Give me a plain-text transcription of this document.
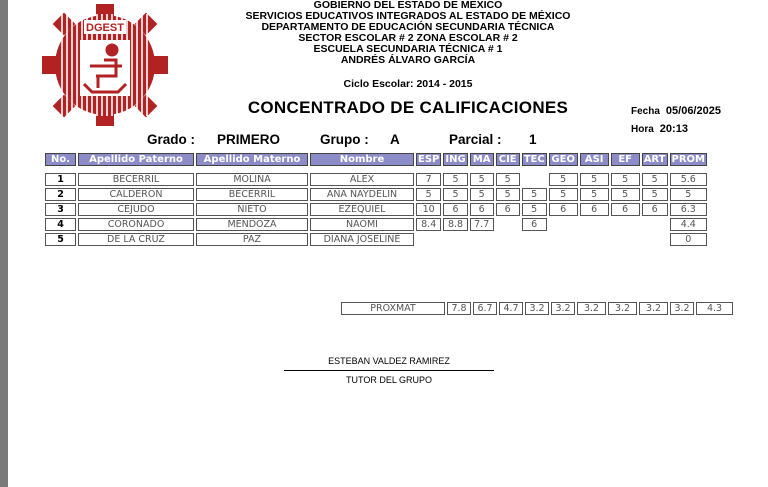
DGEST
GOBIERNO DEL ESTADO DE MEXICO
SERVICIOS EDUCATIVOS INTEGRADOS AL ESTADO DE MÉXICO
DEPARTAMENTO DE EDUCACIÓN SECUNDARIA TÉCNICA
SECTOR ESCOLAR # 2 ZONA ESCOLAR # 2
ESCUELA SECUNDARIA TÉCNICA # 1
ANDRÉS ÁLVARO GARCÍA
Ciclo Escolar: 2014 - 2015
CONCENTRADO DE CALIFICACIONES	Fecha 05/06/2025
Hora 20:13
Grado : PRIMERO	Grupo : A	Parcial : 1
No.	Apellido Paterno	Apellido Materno	Nombre	ESP	ING	MA	CIE	TEC	GEO	ASI	EF	ART	PROM

1	BECERRIL	MOLINA	ALEX	7	5	5	5		5	5	5	5	5.6
2	CALDERON	BECERRIL	ANA NAYDELIN	5	5	5	5	5	5	5	5	5	5
3	CEJUDO	NIETO	EZEQUIEL	10	6	6	6	5	6	6	6	6	6.3
4	CORONADO	MENDOZA	NAOMI	8.4	8.8	7.7		6					4.4
5	DE LA CRUZ	PAZ	DIANA JOSELINE										0
PROXMAT	7.8	6.7	4.7	3.2	3.2	3.2	3.2	3.2	3.2	4.3
ESTEBAN VALDEZ RAMIREZ
TUTOR DEL GRUPO
